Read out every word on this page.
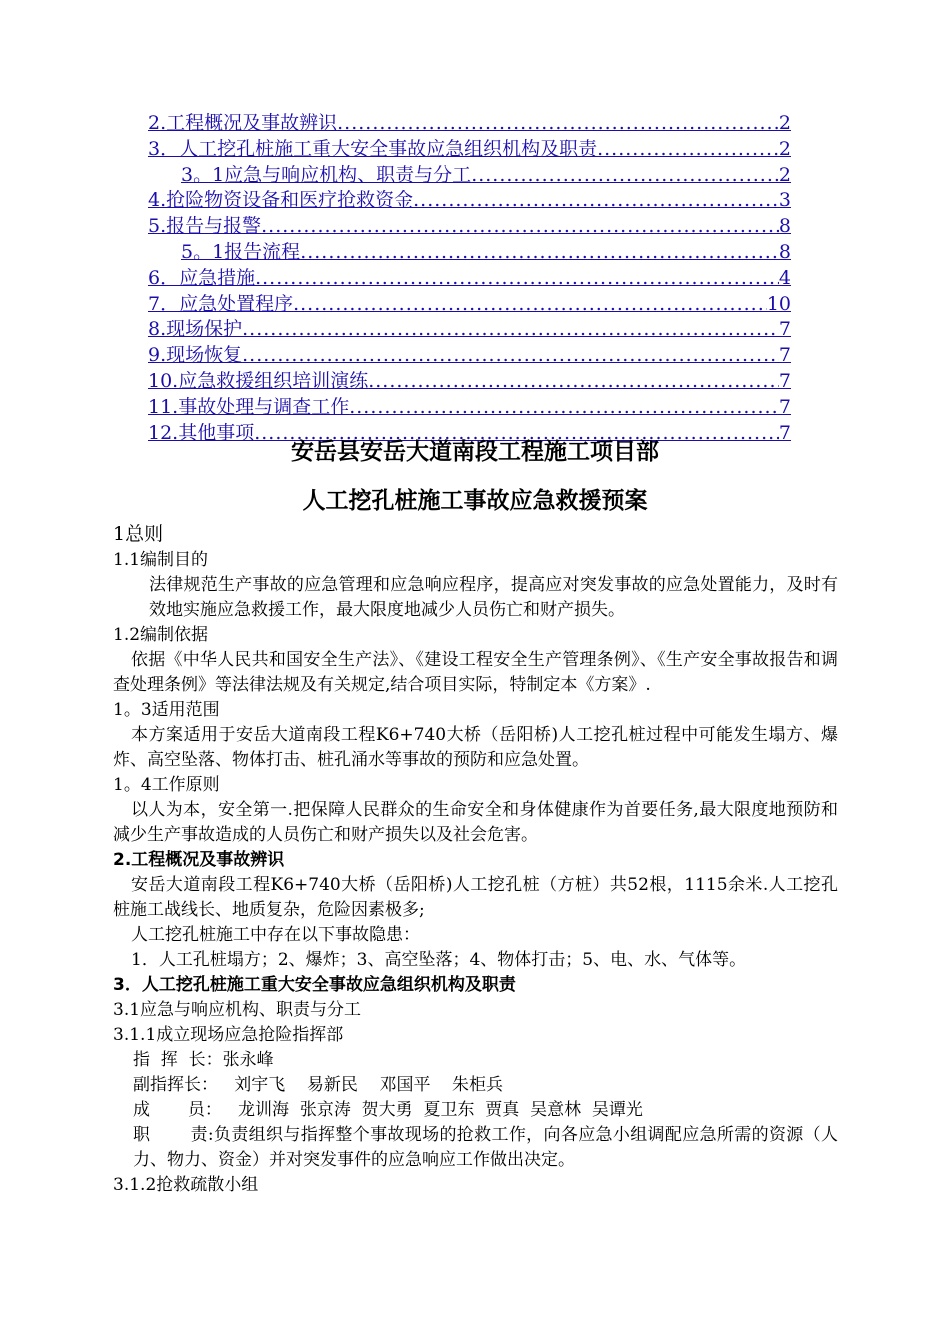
2.工程概况及事故辨识 .....	2
3．人工挖孔桩施工重大安全事故应急组织机构及职责 .....	2
3。1应急与响应机构、职责与分工 .....	2
4.抢险物资设备和医疗抢救资金 .....	3
5.报告与报警 .....	8
5。1报告流程 .....	8
6．应急措施 .....	4
7．应急处置程序 .....	10
8.现场保护 .....	7
9.现场恢复 .....	7
10.应急救援组织培训演练 .....	7
11.事故处理与调查工作 .....	7
12.其他事项 .....	7
安岳县安岳大道南段工程施工项目部
人工挖孔桩施工事故应急救援预案
1总则
1.1编制目的
法律规范生产事故的应急管理和应急响应程序，提高应对突发事故的应急处置能力，及时有效地实施应急救援工作，最大限度地减少人员伤亡和财产损失。
1.2编制依据
依据《中华人民共和国安全生产法》、《建设工程安全生产管理条例》、《生产安全事故报告和调查处理条例》等法律法规及有关规定,结合项目实际，特制定本《方案》.
1。3适用范围
本方案适用于安岳大道南段工程K6+740大桥（岳阳桥)人工挖孔桩过程中可能发生塌方、爆炸、高空坠落、物体打击、桩孔涌水等事故的预防和应急处置。
1。4工作原则
以人为本，安全第一.把保障人民群众的生命安全和身体健康作为首要任务,最大限度地预防和减少生产事故造成的人员伤亡和财产损失以及社会危害。
2.工程概况及事故辨识
安岳大道南段工程K6+740大桥（岳阳桥)人工挖孔桩（方桩）共52根，1115余米.人工挖孔桩施工战线长、地质复杂，危险因素极多;
人工挖孔桩施工中存在以下事故隐患：
1．人工孔桩塌方；2、爆炸；3、高空坠落；4、物体打击；5、电、水、气体等。
3．人工挖孔桩施工重大安全事故应急组织机构及职责
3.1应急与响应机构、职责与分工
3.1.1成立现场应急抢险指挥部
指  挥  长：张永峰
副指挥长：   刘宇飞    易新民    邓国平    朱柜兵
成       员：   龙训海  张京涛  贺大勇  夏卫东  贾真  吴意林  吴谭光
职       责:负责组织与指挥整个事故现场的抢救工作，向各应急小组调配应急所需的资源（人力、物力、资金）并对突发事件的应急响应工作做出决定。
3.1.2抢救疏散小组
